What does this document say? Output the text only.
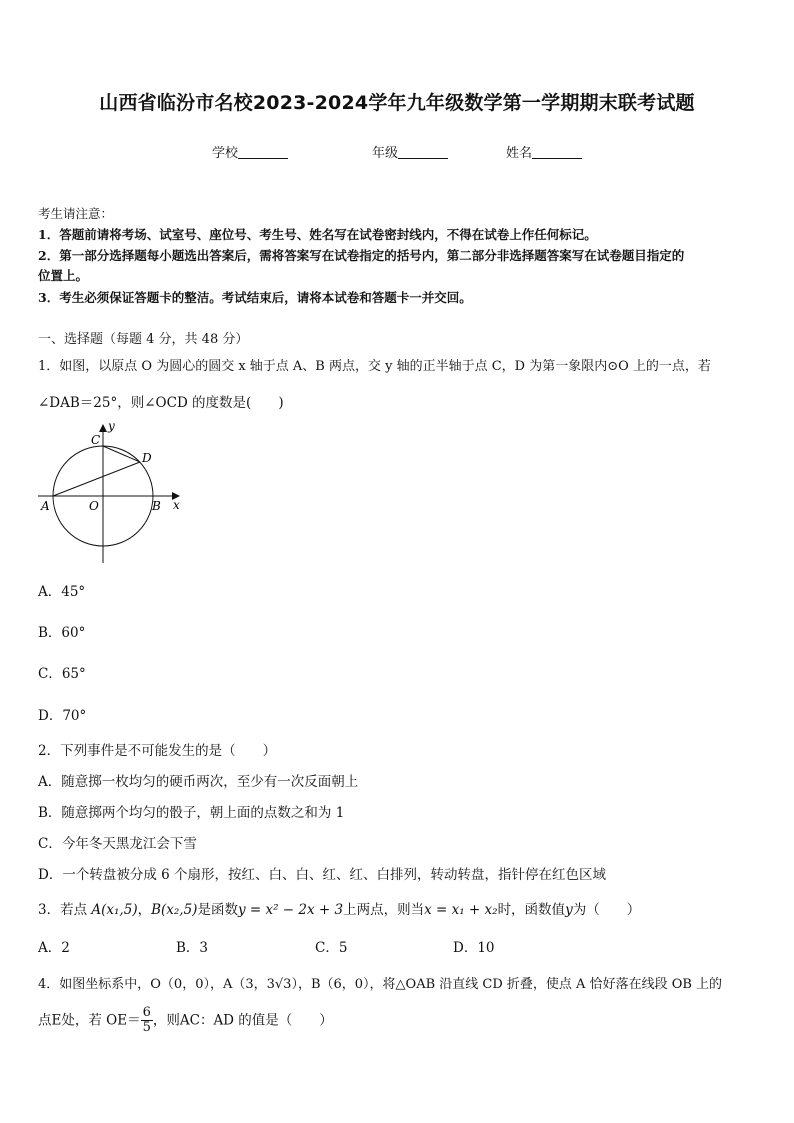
山西省临汾市名校2023-2024学年九年级数学第一学期期末联考试题
学校	年级	姓名
考生请注意：
1．答题前请将考场、试室号、座位号、考生号、姓名写在试卷密封线内，不得在试卷上作任何标记。
2．第一部分选择题每小题选出答案后，需将答案写在试卷指定的括号内，第二部分非选择题答案写在试卷题目指定的
位置上。
3．考生必须保证答题卡的整洁。考试结束后，请将本试卷和答题卡一并交回。
一、选择题（每题 4 分，共 48 分）
1．如图，以原点 O 为圆心的圆交 x 轴于点 A、B 两点，交 y 轴的正半轴于点 C，D 为第一象限内⊙O 上的一点，若
∠DAB＝25°，则∠OCD 的度数是(　　)
y
x
C
D
A	O	B
A．45°
B．60°
C．65°
D．70°
2．下列事件是不可能发生的是（　　）
A．随意掷一枚均匀的硬币两次，至少有一次反面朝上
B．随意掷两个均匀的骰子，朝上面的点数之和为 1
C．今年冬天黑龙江会下雪
D．一个转盘被分成 6 个扇形，按红、白、白、红、红、白排列，转动转盘，指针停在红色区域
3．若点 A(x₁,5)，B(x₂,5)是函数y = x² − 2x + 3上两点，则当x = x₁ + x₂时，函数值y为（　　）
A．2	B．3	C．5	D．10
4．如图坐标系中，O（0，0），A（3，3√3），B（6，0），将△OAB 沿直线 CD 折叠，使点 A 恰好落在线段 OB 上的
点E处，若 $OE= \frac{6}{5}$ ，则AC：AD 的值是（　　）
